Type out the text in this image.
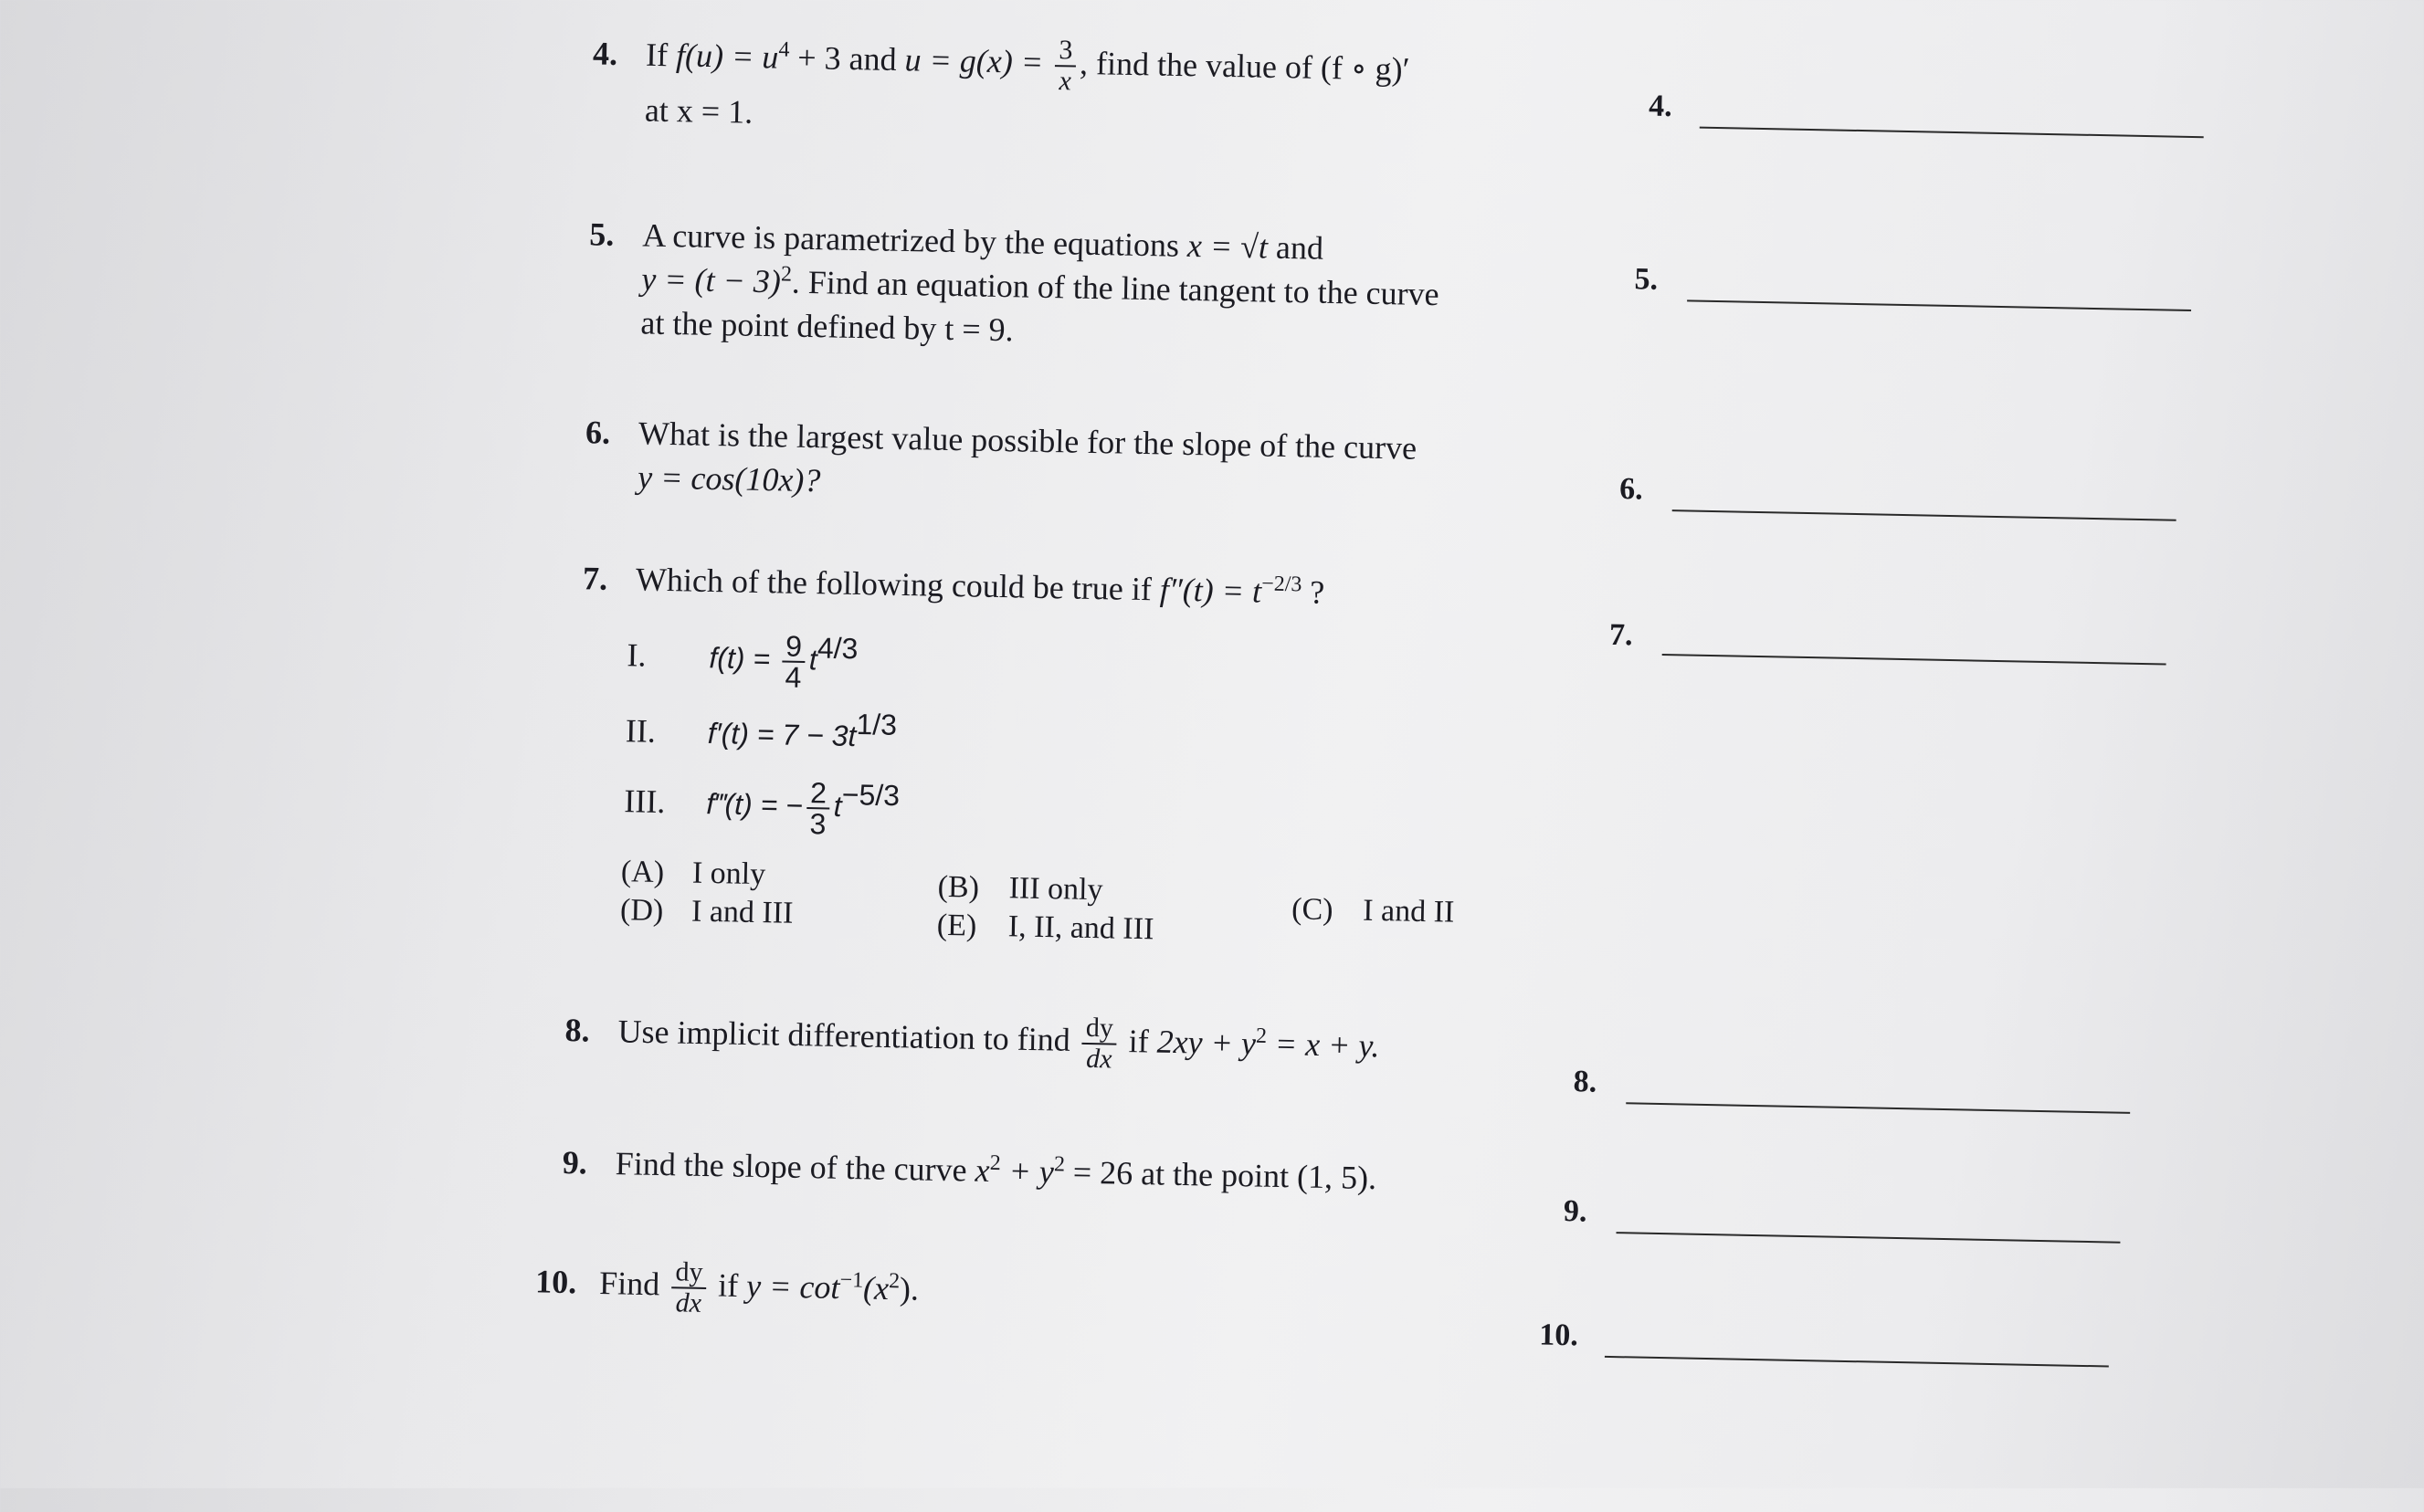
4. If $f(u) = u^4 + 3$ and $u = g(x) = \frac{3}{x}$ , find the value of (f ∘ g)′
at x = 1.
5. A curve is parametrized by the equations x = √t and
$y = (t - 3)^2$. Find an equation of the line tangent to the curve
at the point defined by t = 9.
6. What is the largest value possible for the slope of the curve
y = cos(10x)?
7. Which of the following could be true if $f''(t) = t^{-2/3}$ ?
I. $f(t) = \frac{9}{4} t^{4/3}$
II. $f'(t) = 7 - 3t^{1/3}$
III. f‴(t) = − $\frac{2}{3} t^{-5/3}$
(A) I only
(D) I and III
(B) III only
(E) I, II, and III
(C) I and II
8. Use implicit differentiation to find $\frac{dy}{dx}$ if $2xy + y^2 = x + y$.
9. Find the slope of the curve $x^2 + y^2 = 26$ at the point (1, 5).
10. Find $\frac{dy}{dx}$ if $y = \cot^{-1}(x^2)$.
4.
5.
6.
7.
8.
9.
10.
